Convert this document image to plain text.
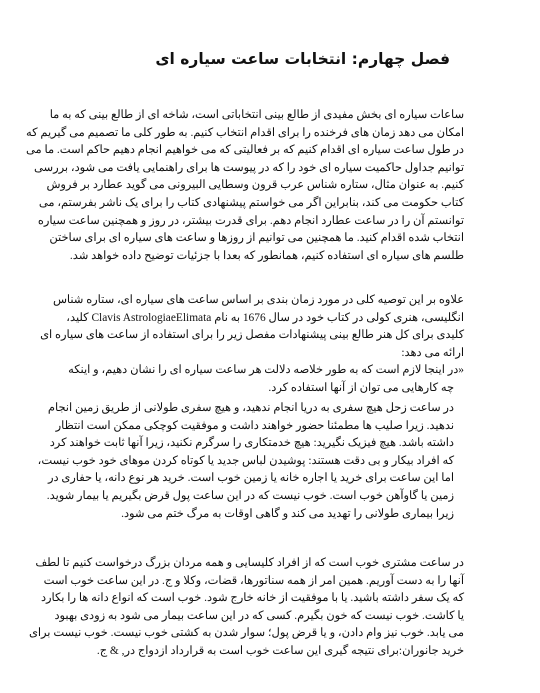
فصل چهارم: انتخابات ساعت سیاره ای
ساعات سیاره ای بخش مفیدی از طالع بینی انتخاباتی است، شاخه ای از طالع بینی که به ما
امکان می دهد زمان های فرخنده را برای اقدام انتخاب کنیم. به طور کلی ما تصمیم می گیریم که
در طول ساعت سیاره ای اقدام کنیم که بر فعالیتی که می خواهیم انجام دهیم حاکم است. ما می
توانیم جداول حاکمیت سیاره ای خود را که در پیوست ها برای راهنمایی یافت می شود، بررسی
کنیم. به عنوان مثال، ستاره شناس عرب قرون وسطایی البیرونی می گوید عطارد بر فروش
کتاب حکومت می کند، بنابراین اگر می خواستم پیشنهادی کتاب را برای یک ناشر بفرستم، می
توانستم آن را در ساعت عطارد انجام دهم. برای قدرت بیشتر، در روز و همچنین ساعت سیاره
انتخاب شده اقدام کنید. ما همچنین می توانیم از روزها و ساعت های سیاره ای برای ساختن
طلسم های سیاره ای استفاده کنیم، همانطور که بعدا با جزئیات توضیح داده خواهد شد.
علاوه بر این توصیه کلی در مورد زمان بندی بر اساس ساعت های سیاره ای، ستاره شناس
انگلیسی، هنری کولی در کتاب خود در سال 1676 به نام Clavis AstrologiaeElimata کلید،
کلیدی برای کل هنر طالع بینی پیشنهادات مفصل زیر را برای استفاده از ساعت های سیاره ای
ارائه می دهد:
«در اینجا لازم است که به طور خلاصه دلالت هر ساعت سیاره ای را نشان دهیم، و اینکه
چه کارهایی می توان از آنها استفاده کرد.
در ساعت زحل هیچ سفری به دریا انجام ندهید، و هیچ سفری طولانی از طریق زمین انجام
ندهید. زیرا صلیب ها مطمئنا حضور خواهند داشت و موفقیت کوچکی ممکن است انتظار
داشته باشد. هیچ فیزیک نگیرید: هیچ خدمتکاری را سرگرم نکنید، زیرا آنها ثابت خواهند کرد
که افراد بیکار و بی دقت هستند: پوشیدن لباس جدید یا کوتاه کردن موهای خود خوب نیست،
اما این ساعت برای خرید یا اجاره خانه یا زمین خوب است. خرید هر نوع دانه، یا حفاری در
زمین یا گاوآهن خوب است. خوب نیست که در این ساعت پول قرض بگیریم یا بیمار شوید.
زیرا بیماری طولانی را تهدید می کند و گاهی اوقات به مرگ ختم می شود.
در ساعت مشتری خوب است که از افراد کلیسایی و همه مردان بزرگ درخواست کنیم تا لطف
آنها را به دست آوریم. همین امر از همه سناتورها، قضات، وکلا و ج. در این ساعت خوب است
که یک سفر داشته باشید. یا با موفقیت از خانه خارج شود. خوب است که انواع دانه ها را بکارد
یا کاشت. خوب نیست که خون بگیرم. کسی که در این ساعت بیمار می شود به زودی بهبود
می یابد. خوب نیز وام دادن، و یا قرض پول؛ سوار شدن به کشتی خوب نیست. خوب نیست برای
خرید جانوران:برای نتیجه گیری این ساعت خوب است به قرارداد ازدواج در, & ج.
